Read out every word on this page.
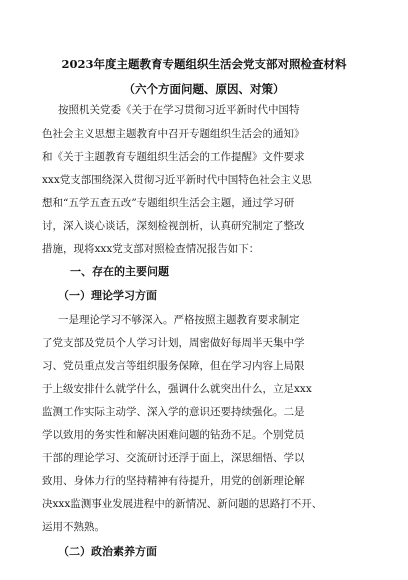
2023年度主题教育专题组织生活会党支部对照检查材料
（六个方面问题、原因、对策）
按照机关党委《关于在学习贯彻习近平新时代中国特
色社会主义思想主题教育中召开专题组织生活会的通知》
和《关于主题教育专题组织生活会的工作提醒》文件要求
xxx党支部围绕深入贯彻习近平新时代中国特色社会主义思
想和“五学五查五改”专题组织生活会主题，通过学习研
讨，深入谈心谈话，深刻检视剖析，认真研究制定了整改
措施，现将xxx党支部对照检查情况报告如下：
一、存在的主要问题
（一）理论学习方面
一是理论学习不够深入。严格按照主题教育要求制定
了党支部及党员个人学习计划，周密做好每周半天集中学
习、党员重点发言等组织服务保障，但在学习内容上局限
于上级安排什么就学什么，强调什么就突出什么，立足xxx
监测工作实际主动学、深入学的意识还要持续强化。二是
学以致用的务实性和解决困难问题的钻劲不足。个别党员
干部的理论学习、交流研讨还浮于面上，深思细悟、学以
致用、身体力行的坚持精神有待提升，用党的创新理论解
决xxx监测事业发展进程中的新情况、新问题的思路打不开、
运用不熟熟。
（二）政治素养方面
